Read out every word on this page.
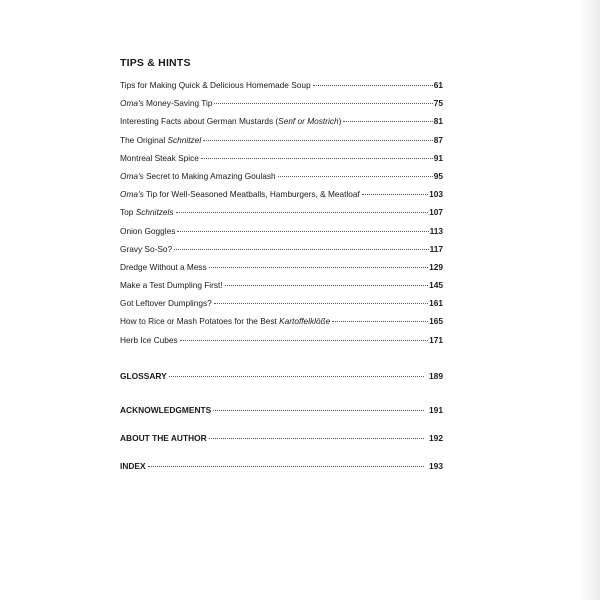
TIPS & HINTS
Tips for Making Quick & Delicious Homemade Soup	61
Oma's Money-Saving Tip	75
Interesting Facts about German Mustards (Senf or Mostrich)	81
The Original Schnitzel	87
Montreal Steak Spice	91
Oma's Secret to Making Amazing Goulash	95
Oma's Tip for Well-Seasoned Meatballs, Hamburgers, & Meatloaf	103
Top Schnitzels	107
Onion Goggles	113
Gravy So-So?	117
Dredge Without a Mess	129
Make a Test Dumpling First!	145
Got Leftover Dumplings?	161
How to Rice or Mash Potatoes for the Best Kartoffelklöße	165
Herb Ice Cubes	171
GLOSSARY	189
ACKNOWLEDGMENTS	191
ABOUT THE AUTHOR	192
INDEX	193
